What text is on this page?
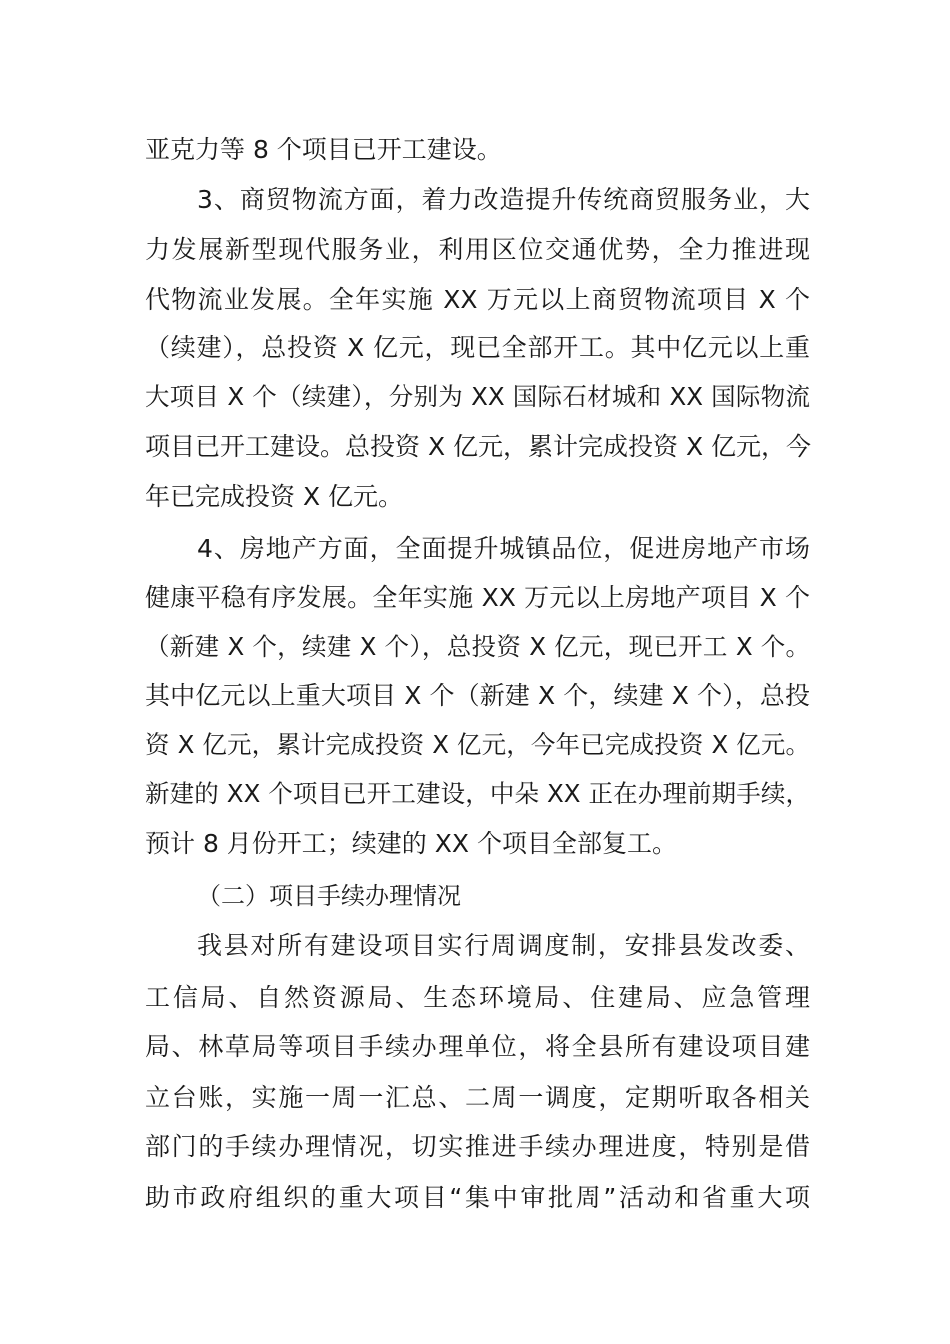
亚克力等 8 个项目已开工建设。
3、商贸物流方面，着力改造提升传统商贸服务业，大
力发展新型现代服务业，利用区位交通优势，全力推进现
代物流业发展。全年实施 XX 万元以上商贸物流项目 X 个
（续建），总投资 X 亿元，现已全部开工。其中亿元以上重
大项目 X 个（续建），分别为 XX 国际石材城和 XX 国际物流
项目已开工建设。总投资 X 亿元，累计完成投资 X 亿元，今
年已完成投资 X 亿元。
4、房地产方面，全面提升城镇品位，促进房地产市场
健康平稳有序发展。全年实施 XX 万元以上房地产项目 X 个
（新建 X 个，续建 X 个），总投资 X 亿元，现已开工 X 个。
其中亿元以上重大项目 X 个（新建 X 个，续建 X 个），总投
资 X 亿元，累计完成投资 X 亿元，今年已完成投资 X 亿元。
新建的 XX 个项目已开工建设，中朵 XX 正在办理前期手续，
预计 8 月份开工；续建的 XX 个项目全部复工。
（二）项目手续办理情况
我县对所有建设项目实行周调度制，安排县发改委、
工信局、自然资源局、生态环境局、住建局、应急管理
局、林草局等项目手续办理单位，将全县所有建设项目建
立台账，实施一周一汇总、二周一调度，定期听取各相关
部门的手续办理情况，切实推进手续办理进度，特别是借
助市政府组织的重大项目“集中审批周”活动和省重大项
